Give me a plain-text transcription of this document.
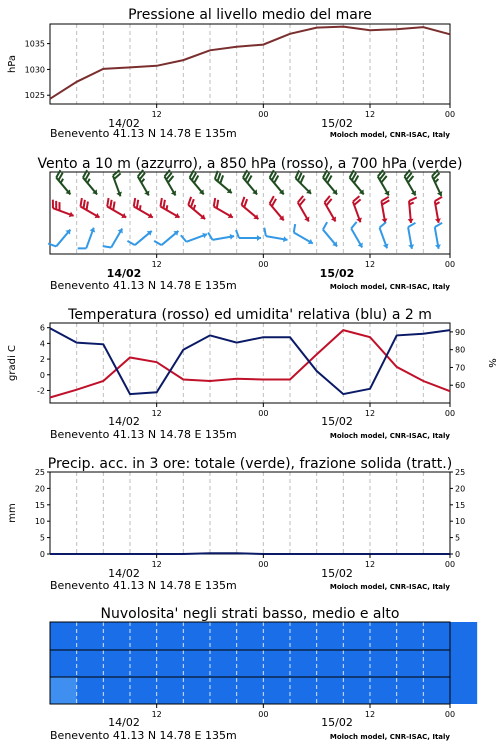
Pressione al livello medio del mare
1025
1030
1035
hPa
12	00	12	00
14/02	15/02
Benevento 41.13 N 14.78 E 135m	Moloch model, CNR-ISAC, Italy
Vento a 10 m (azzurro), a 850 hPa (rosso), a 700 hPa (verde)
12	00	12	00
14/02	15/02
Benevento 41.13 N 14.78 E 135m	Moloch model, CNR-ISAC, Italy
Temperatura (rosso) ed umidita' relativa (blu) a 2 m
-2
0
2
4
6
60
70
80
90
gradi C	%
12	00	12	00
14/02	15/02
Benevento 41.13 N 14.78 E 135m	Moloch model, CNR-ISAC, Italy
Precip. acc. in 3 ore: totale (verde), frazione solida (tratt.)
0
5
10
15
20
25
0
5
10
15
20
25
mm
12	00	12	00
14/02	15/02
Benevento 41.13 N 14.78 E 135m	Moloch model, CNR-ISAC, Italy
Nuvolosita' negli strati basso, medio e alto
12	00	12	00
14/02	15/02
Benevento 41.13 N 14.78 E 135m	Moloch model, CNR-ISAC, Italy
